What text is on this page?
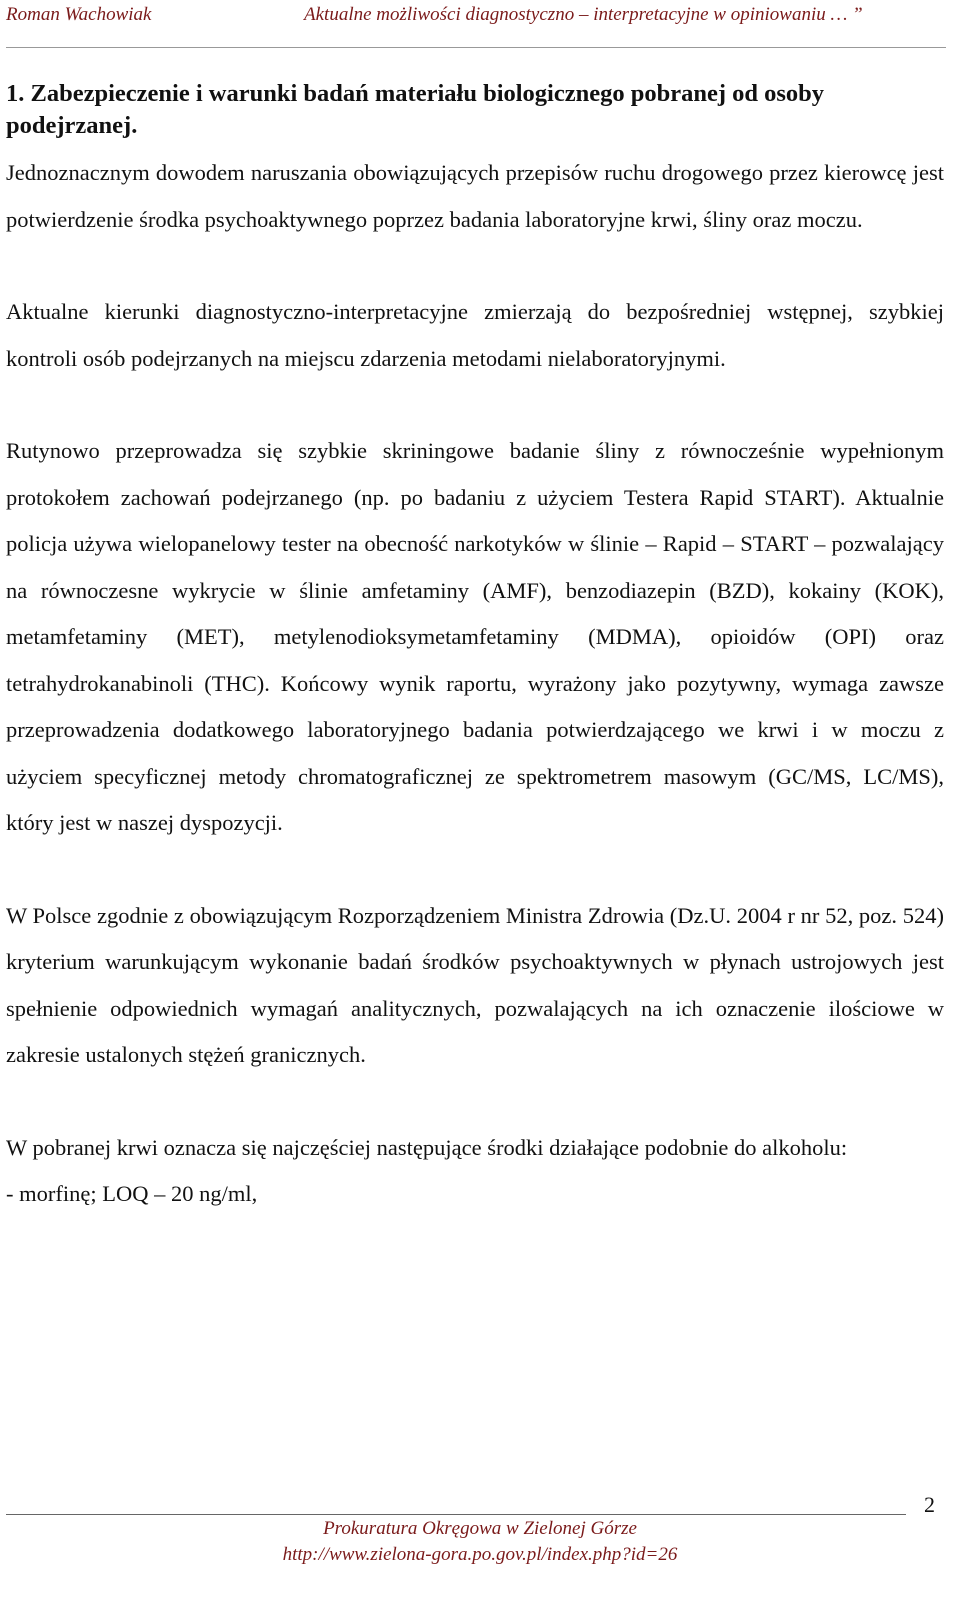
Roman Wachowiak	Aktualne możliwości diagnostyczno – interpretacyjne w opiniowaniu … ”
1. Zabezpieczenie i warunki badań materiału biologicznego pobranej od osoby podejrzanej.

Jednoznacznym dowodem naruszania obowiązujących przepisów ruchu drogowego przez kierowcę jest potwierdzenie środka psychoaktywnego poprzez badania laboratoryjne krwi, śliny oraz moczu.

Aktualne kierunki diagnostyczno-interpretacyjne zmierzają do bezpośredniej wstępnej, szybkiej kontroli osób podejrzanych na miejscu zdarzenia metodami nielaboratoryjnymi.

Rutynowo przeprowadza się szybkie skriningowe badanie śliny z równocześnie wypełnionym protokołem zachowań podejrzanego (np. po badaniu z użyciem Testera Rapid START). Aktualnie policja używa wielopanelowy tester na obecność narkotyków w ślinie – Rapid – START – pozwalający na równoczesne wykrycie w ślinie amfetaminy (AMF), benzodiazepin (BZD), kokainy (KOK), metamfetaminy (MET), metylenodioksymetamfetaminy (MDMA), opioidów (OPI) oraz tetrahydrokanabinoli (THC). Końcowy wynik raportu, wyrażony jako pozytywny, wymaga zawsze przeprowadzenia dodatkowego laboratoryjnego badania potwierdzającego we krwi i w moczu z użyciem specyficznej metody chromatograficznej ze spektrometrem masowym (GC/MS, LC/MS), który jest w naszej dyspozycji.

W Polsce zgodnie z obowiązującym Rozporządzeniem Ministra Zdrowia (Dz.U. 2004 r nr 52, poz. 524) kryterium warunkującym wykonanie badań środków psychoaktywnych w płynach ustrojowych jest spełnienie odpowiednich wymagań analitycznych, pozwalających na ich oznaczenie ilościowe w zakresie ustalonych stężeń granicznych.

W pobranej krwi oznacza się najczęściej następujące środki działające podobnie do alkoholu:

- morfinę; LOQ – 20 ng/ml,

2
Prokuratura Okręgowa w Zielonej Górze
http://www.zielona-gora.po.gov.pl/index.php?id=26
